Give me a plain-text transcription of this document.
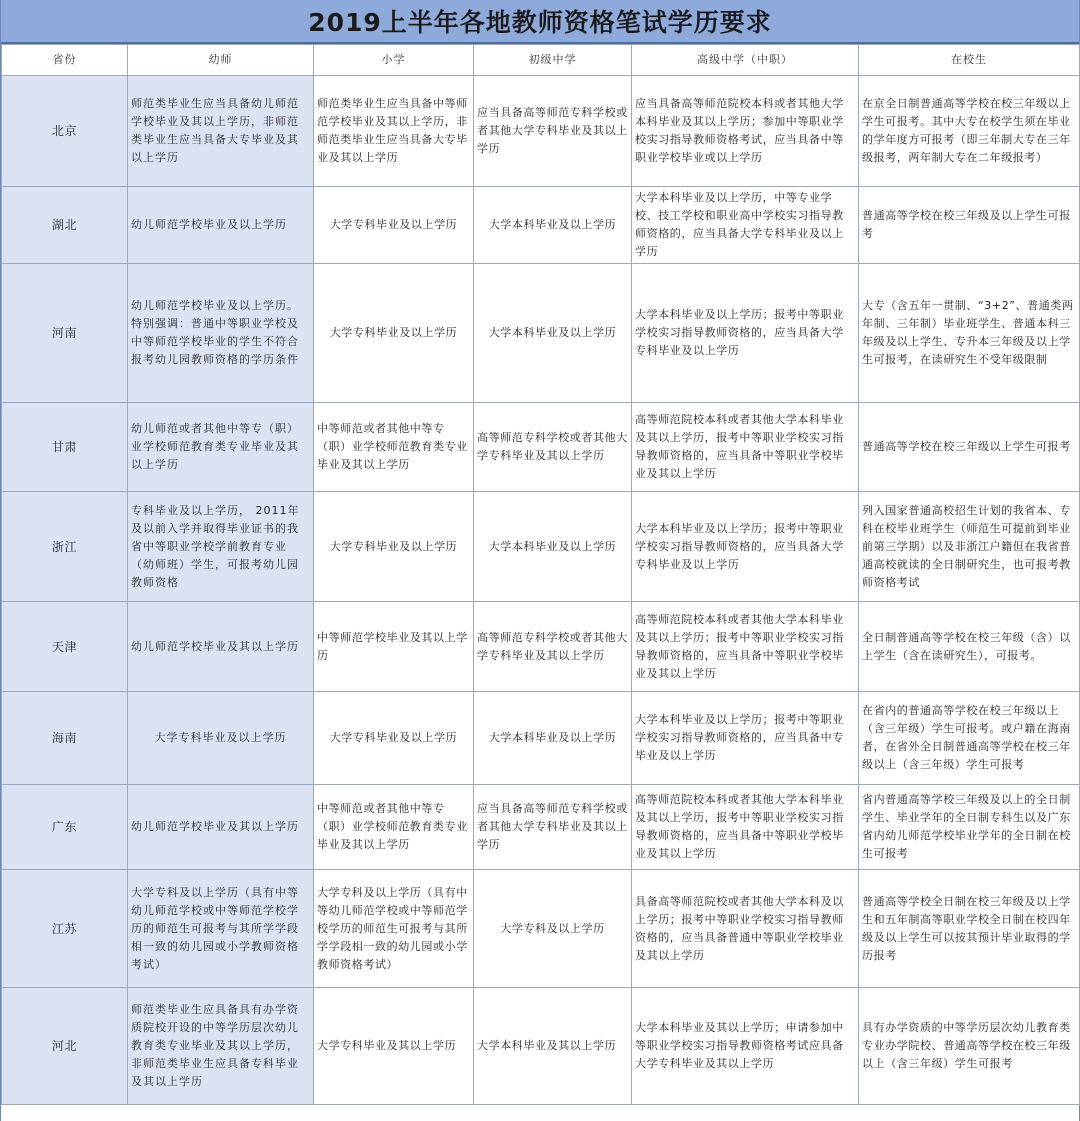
2019上半年各地教师资格笔试学历要求
省份	幼师	小学	初级中学	高级中学（中职）	在校生
北京	师范类毕业生应当具备幼儿师范学校毕业及其以上学历，非师范类毕业生应当具备大专毕业及其以上学历	师范类毕业生应当具备中等师范学校毕业及其以上学历，非师范类毕业生应当具备大专毕业及其以上学历	应当具备高等师范专科学校或者其他大学专科毕业及其以上学历	应当具备高等师范院校本科或者其他大学本科毕业及其以上学历；参加中等职业学校实习指导教师资格考试，应当具备中等职业学校毕业或以上学历	在京全日制普通高等学校在校三年级以上学生可报考。其中大专在校学生须在毕业的学年度方可报考（即三年制大专在三年级报考，两年制大专在二年级报考）
湖北	幼儿师范学校毕业及以上学历	大学专科毕业及以上学历	大学本科毕业及以上学历	大学本科毕业及以上学历，中等专业学校、技工学校和职业高中学校实习指导教师资格的，应当具备大学专科毕业及以上学历	普通高等学校在校三年级及以上学生可报考
河南	幼儿师范学校毕业及以上学历。特别强调：普通中等职业学校及中等师范学校毕业的学生不符合报考幼儿园教师资格的学历条件	大学专科毕业及以上学历	大学本科毕业及以上学历	大学本科毕业及以上学历；报考中等职业学校实习指导教师资格的，应当具备大学专科毕业及以上学历	大专（含五年一贯制、“3+2”、普通类两年制、三年制）毕业班学生、普通本科三年级及以上学生、专升本三年级及以上学生可报考，在读研究生不受年级限制
甘肃	幼儿师范或者其他中等专（职）业学校师范教育类专业毕业及其以上学历	中等师范或者其他中等专（职）业学校师范教育类专业毕业及其以上学历	高等师范专科学校或者其他大学专科毕业及其以上学历	高等师范院校本科或者其他大学本科毕业及其以上学历，报考中等职业学校实习指导教师资格的，应当具备中等职业学校毕业及其以上学历	普通高等学校在校三年级以上学生可报考
浙江	专科毕业及以上学历， 2011年及以前入学并取得毕业证书的我省中等职业学校学前教育专业（幼师班）学生，可报考幼儿园教师资格	大学专科毕业及以上学历	大学本科毕业及以上学历	大学本科毕业及以上学历；报考中等职业学校实习指导教师资格的，应当具备大学专科毕业及以上学历	列入国家普通高校招生计划的我省本、专科在校毕业班学生（师范生可提前到毕业前第三学期）以及非浙江户籍但在我省普通高校就读的全日制研究生，也可报考教师资格考试
天津	幼儿师范学校毕业及其以上学历	中等师范学校毕业及其以上学历	高等师范专科学校或者其他大学专科毕业及其以上学历	高等师范院校本科或者其他大学本科毕业及其以上学历；报考中等职业学校实习指导教师资格的，应当具备中等职业学校毕业及其以上学历	全日制普通高等学校在校三年级（含）以上学生（含在读研究生），可报考。
海南	大学专科毕业及以上学历	大学专科毕业及以上学历	大学本科毕业及以上学历	大学本科毕业及以上学历；报考中等职业学校实习指导教师资格的，应当具备中专毕业及以上学历	在省内的普通高等学校在校三年级以上（含三年级）学生可报考。或户籍在海南者，在省外全日制普通高等学校在校三年级以上（含三年级）学生可报考
广东	幼儿师范学校毕业及其以上学历	中等师范或者其他中等专（职）业学校师范教育类专业毕业及其以上学历	应当具备高等师范专科学校或者其他大学专科毕业及其以上学历	高等师范院校本科或者其他大学本科毕业及其以上学历，报考中等职业学校实习指导教师资格的，应当具备中等职业学校毕业及其以上学历	省内普通高等学校三年级及以上的全日制学生、毕业学年的全日制专科生以及广东省内幼儿师范学校毕业学年的全日制在校生可报考
江苏	大学专科及以上学历（具有中等幼儿师范学校或中等师范学校学历的师范生可报考与其所学学段相一致的幼儿园或小学教师资格考试）	大学专科及以上学历（具有中等幼儿师范学校或中等师范学校学历的师范生可报考与其所学学段相一致的幼儿园或小学教师资格考试）	大学专科及以上学历	具备高等师范院校或者其他大学本科及以上学历；报考中等职业学校实习指导教师资格的，应当具备普通中等职业学校毕业及其以上学历	普通高等学校全日制在校三年级及以上学生和五年制高等职业学校全日制在校四年级及以上学生可以按其预计毕业取得的学历报考
河北	师范类毕业生应具备具有办学资质院校开设的中等学历层次幼儿教育类专业毕业及其以上学历，非师范类毕业生应具备专科毕业及其以上学历	大学专科毕业及其以上学历	大学本科毕业及其以上学历	大学本科毕业及其以上学历；申请参加中等职业学校实习指导教师资格考试应具备大学专科毕业及其以上学历	具有办学资质的中等学历层次幼儿教育类专业办学院校、普通高等学校在校三年级以上（含三年级）学生可报考
